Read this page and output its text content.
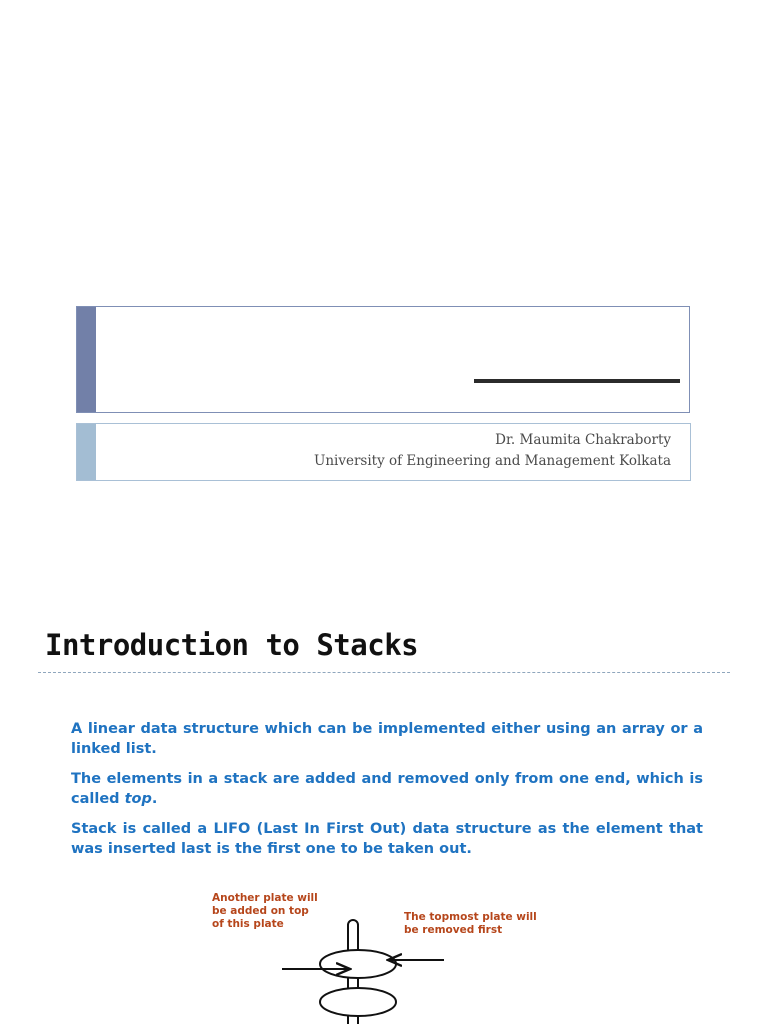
Dr. Maumita Chakraborty
University of Engineering and Management Kolkata
Introduction to Stacks

A linear data structure which can be implemented either using an array or a linked list.

The elements in a stack are added and removed only from one end, which is called top.

Stack is called a LIFO (Last In First Out) data structure as the element that was inserted last is the first one to be taken out.

Another plate will be added on top of this plate
The topmost plate will be removed first
